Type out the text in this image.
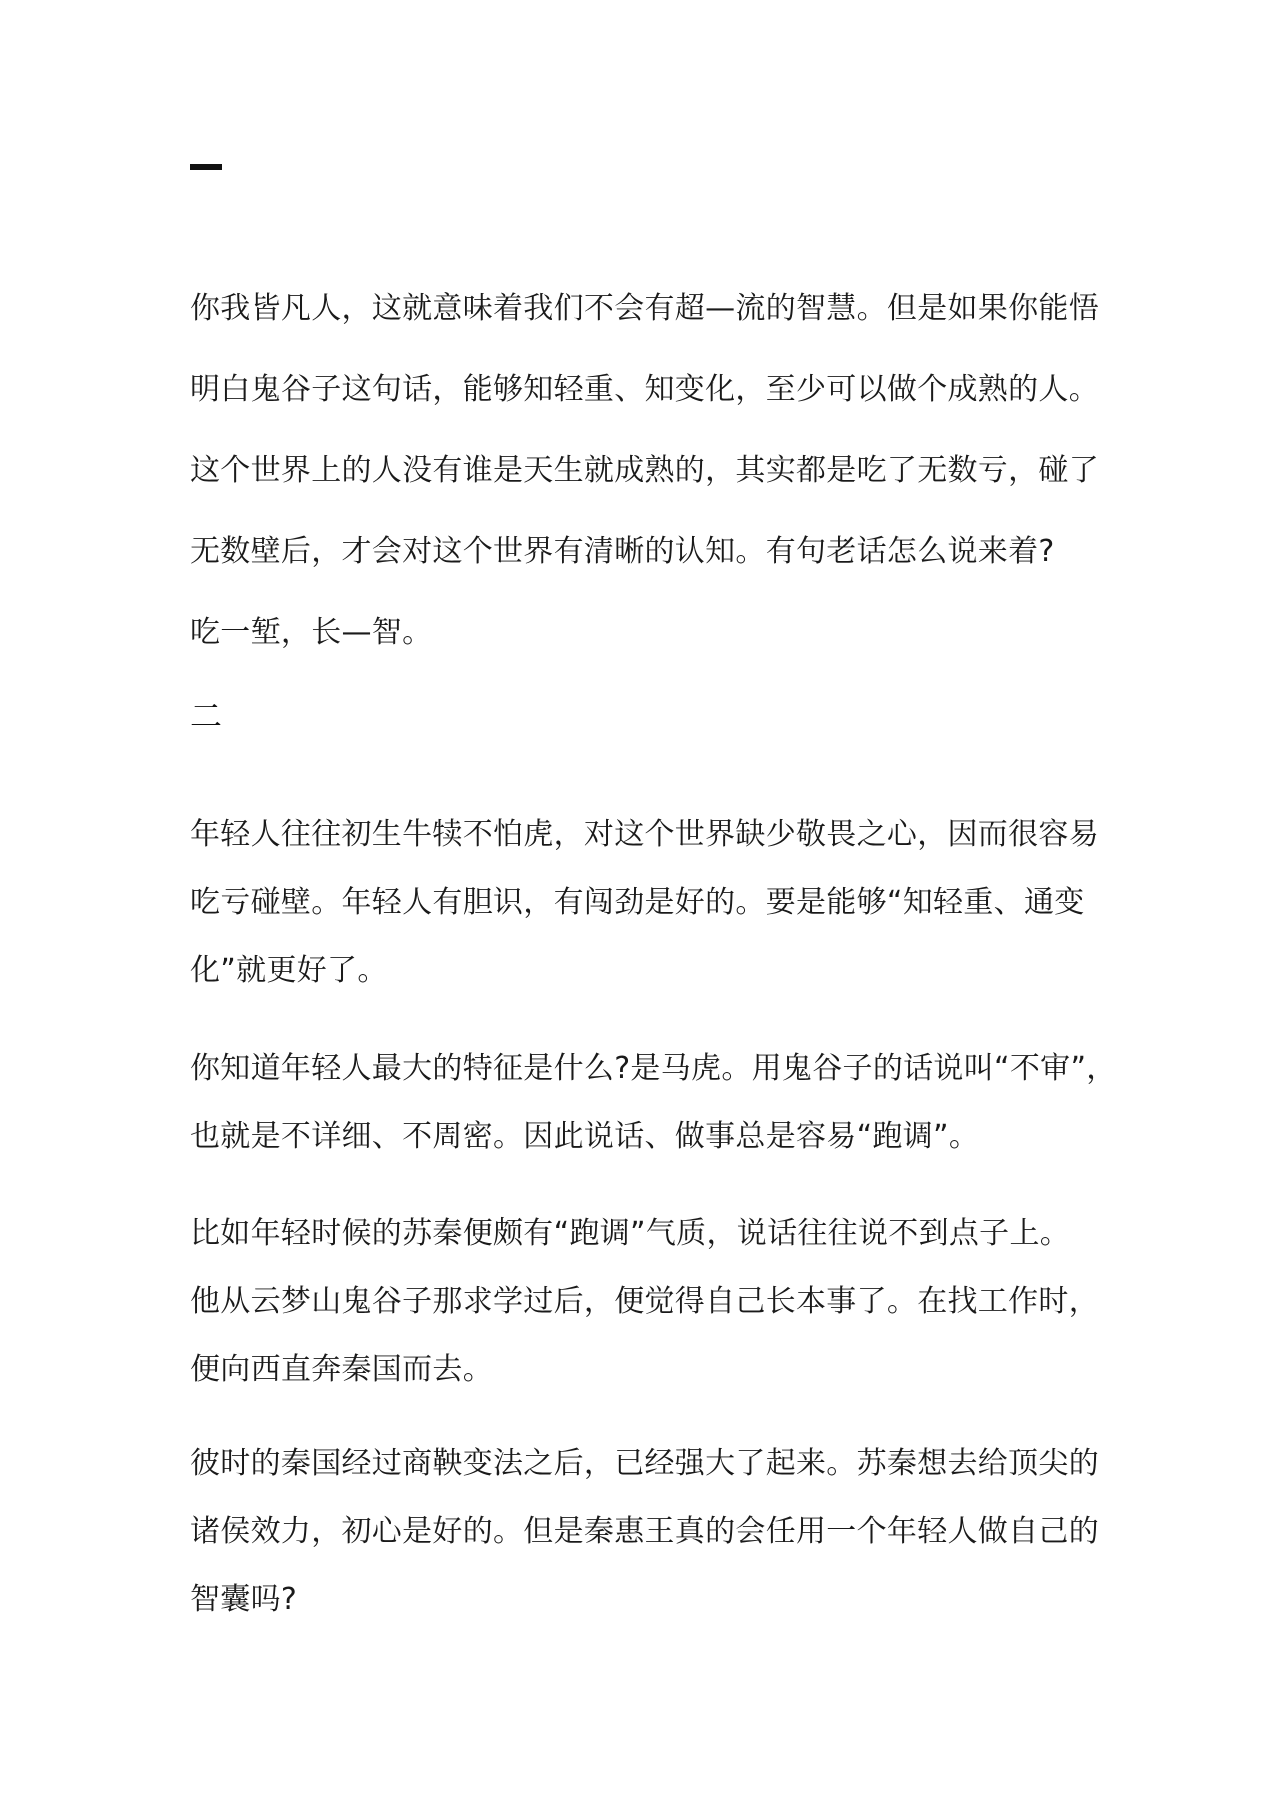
你我皆凡人，这就意味着我们不会有超—流的智慧。但是如果你能悟
明白鬼谷子这句话，能够知轻重、知变化，至少可以做个成熟的人。
这个世界上的人没有谁是天生就成熟的，其实都是吃了无数亏，碰了
无数壁后，才会对这个世界有清晰的认知。有句老话怎么说来着?
吃一堑，长—智。

二

年轻人往往初生牛犊不怕虎，对这个世界缺少敬畏之心，因而很容易
吃亏碰壁。年轻人有胆识，有闯劲是好的。要是能够“知轻重、通变
化”就更好了。

你知道年轻人最大的特征是什么?是马虎。用鬼谷子的话说叫“不审”，
也就是不详细、不周密。因此说话、做事总是容易“跑调”。

比如年轻时候的苏秦便颇有“跑调”气质，说话往往说不到点子上。
他从云梦山鬼谷子那求学过后，便觉得自己长本事了。在找工作时，
便向西直奔秦国而去。

彼时的秦国经过商鞅变法之后，已经强大了起来。苏秦想去给顶尖的
诸侯效力，初心是好的。但是秦惠王真的会任用一个年轻人做自己的
智囊吗?
